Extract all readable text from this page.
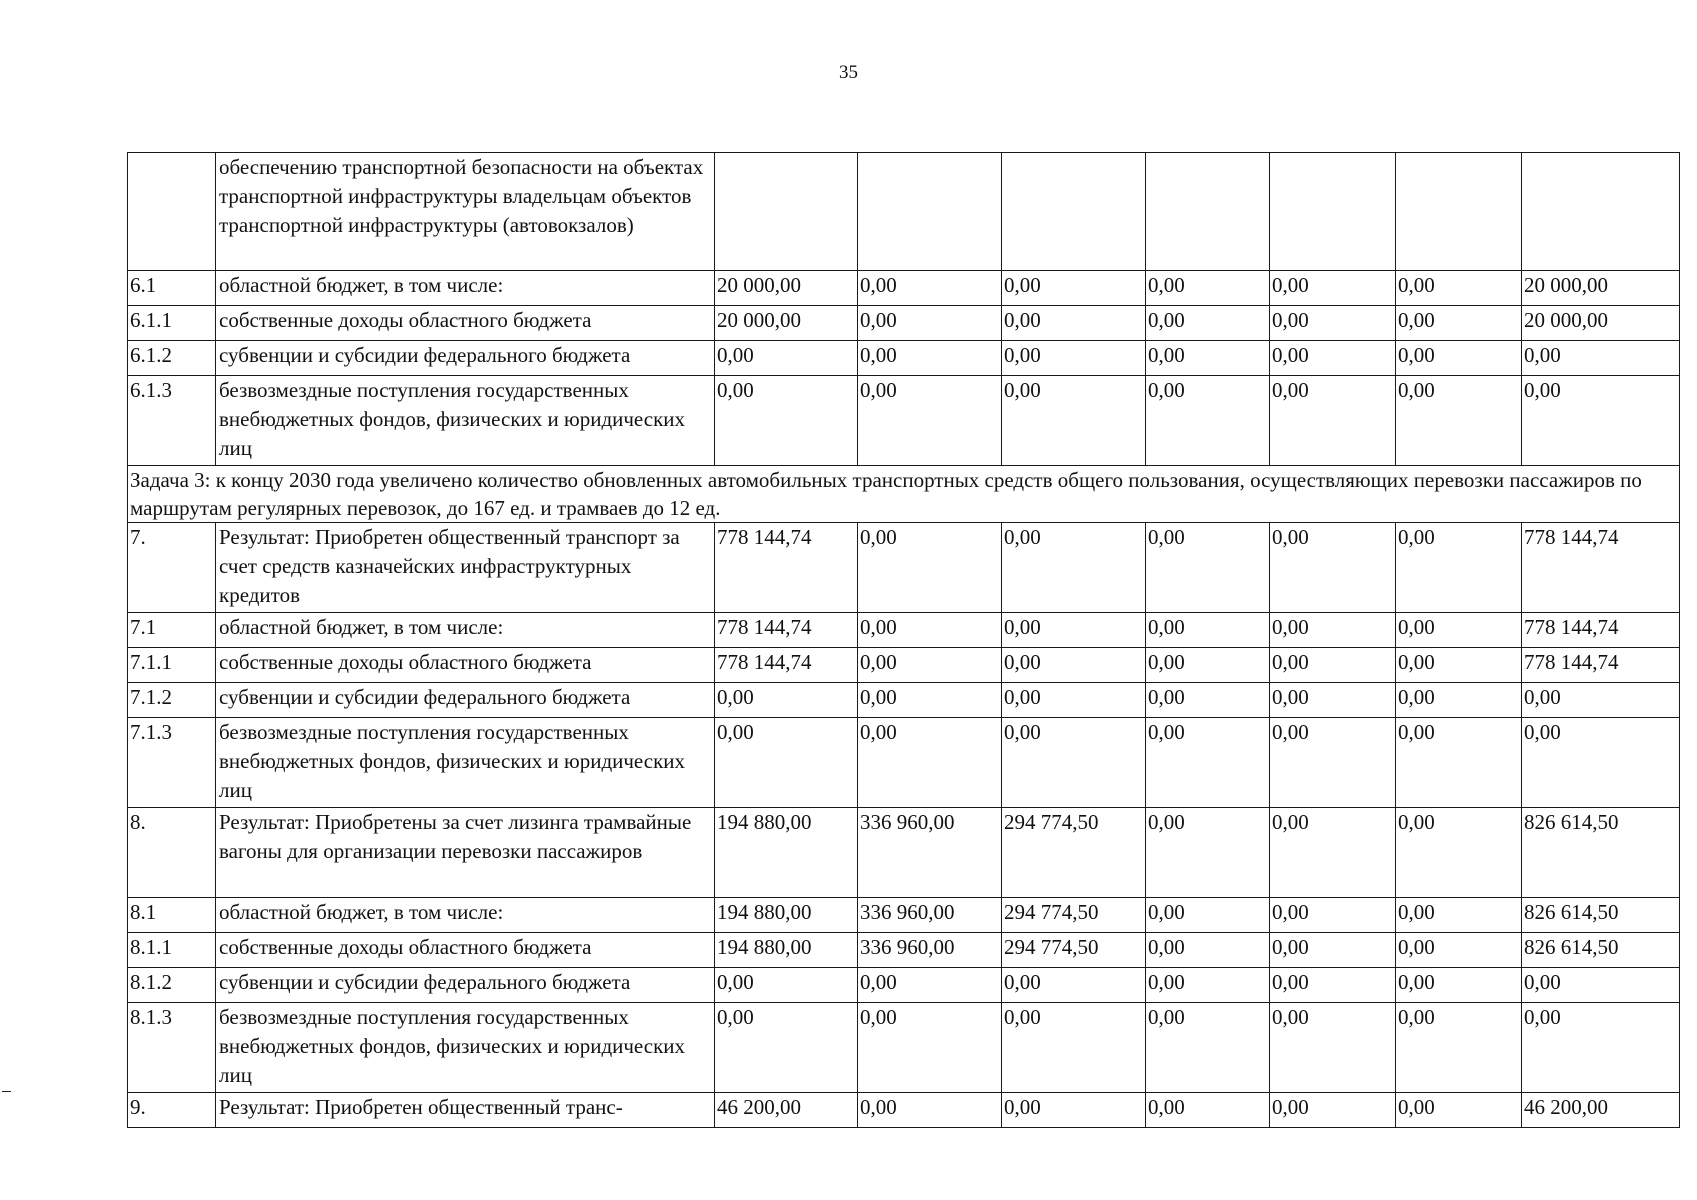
35
	обеспечению транспортной безопасности на объектах транспортной инфраструктуры владельцам объектов транспортной инфраструктуры (автовокзалов)							
6.1	областной бюджет, в том числе:	20 000,00	0,00	0,00	0,00	0,00	0,00	20 000,00
6.1.1	собственные доходы областного бюджета	20 000,00	0,00	0,00	0,00	0,00	0,00	20 000,00
6.1.2	субвенции и субсидии федерального бюджета	0,00	0,00	0,00	0,00	0,00	0,00	0,00
6.1.3	безвозмездные поступления государственных внебюджетных фондов, физических и юридических лиц	0,00	0,00	0,00	0,00	0,00	0,00	0,00
Задача 3: к концу 2030 года увеличено количество обновленных автомобильных транспортных средств общего пользования, осуществляющих перевозки пассажиров по маршрутам регулярных перевозок, до 167 ед. и трамваев до 12 ед.								
7.	Результат: Приобретен общественный транспорт за счет средств казначейских инфраструктурных кредитов	778 144,74	0,00	0,00	0,00	0,00	0,00	778 144,74
7.1	областной бюджет, в том числе:	778 144,74	0,00	0,00	0,00	0,00	0,00	778 144,74
7.1.1	собственные доходы областного бюджета	778 144,74	0,00	0,00	0,00	0,00	0,00	778 144,74
7.1.2	субвенции и субсидии федерального бюджета	0,00	0,00	0,00	0,00	0,00	0,00	0,00
7.1.3	безвозмездные поступления государственных внебюджетных фондов, физических и юридических лиц	0,00	0,00	0,00	0,00	0,00	0,00	0,00
8.	Результат: Приобретены за счет лизинга трамвайные вагоны для организации перевозки пассажиров	194 880,00	336 960,00	294 774,50	0,00	0,00	0,00	826 614,50
8.1	областной бюджет, в том числе:	194 880,00	336 960,00	294 774,50	0,00	0,00	0,00	826 614,50
8.1.1	собственные доходы областного бюджета	194 880,00	336 960,00	294 774,50	0,00	0,00	0,00	826 614,50
8.1.2	субвенции и субсидии федерального бюджета	0,00	0,00	0,00	0,00	0,00	0,00	0,00
8.1.3	безвозмездные поступления государственных внебюджетных фондов, физических и юридических лиц	0,00	0,00	0,00	0,00	0,00	0,00	0,00
9.	Результат: Приобретен общественный транс-	46 200,00	0,00	0,00	0,00	0,00	0,00	46 200,00
